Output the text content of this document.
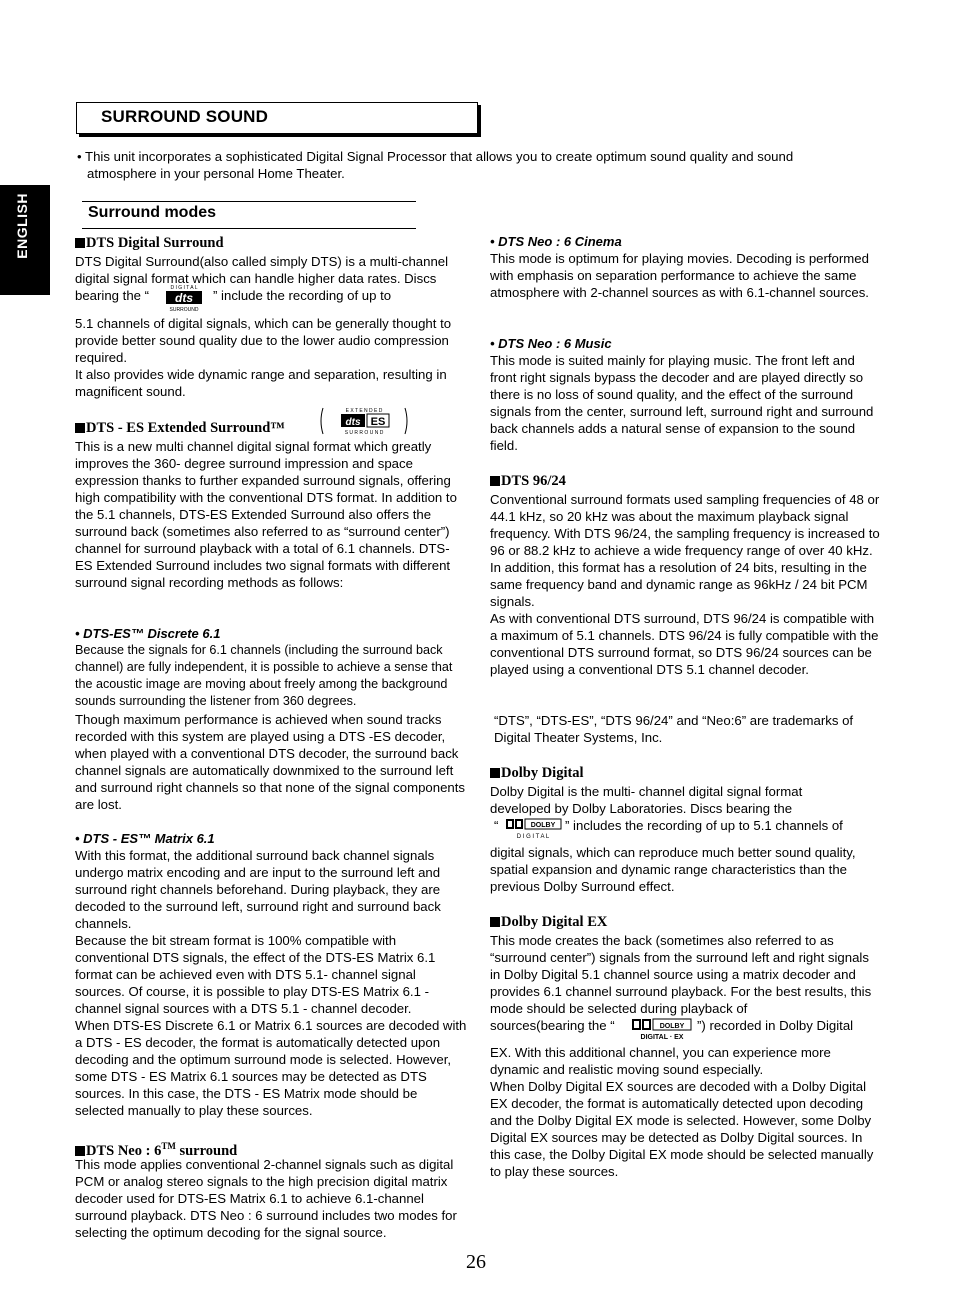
SURROUND SOUND
• This unit incorporates a sophisticated Digital Signal Processor that allows you to create optimum sound quality and sound
atmosphere in your personal Home Theater.
ENGLISH	Surround modes
DTS Digital Surround
DTS Digital Surround(also called simply DTS) is a multi-channel
digital signal format which can handle higher data rates. Discs
bearing the “	D I G I T A L
dts
SURROUND
” include the recording of up to
5.1 channels of digital signals, which can be generally thought to provide better sound quality due to the lower audio compression required.
It also provides wide dynamic range and separation, resulting in magnificent sound.
DTS - ES Extended Surround™
E X T E N D E D
dts ES
S U R R O U N D
This is a new multi channel digital signal format which greatly improves the 360- degree surround impression and space expression thanks to further expanded surround signals, offering high compatibility with the conventional DTS format. In addition to the 5.1 channels, DTS-ES Extended Surround also offers the surround back (sometimes also referred to as “surround center”) channel for surround playback with a total of 6.1 channels. DTS-ES Extended Surround includes two signal formats with different surround signal recording methods as follows:
• DTS-ES™ Discrete 6.1
Because the signals for 6.1 channels (including the surround back channel) are fully independent, it is possible to achieve a sense that the acoustic image are moving about freely among the background sounds surrounding the listener from 360 degrees.
Though maximum performance is achieved when sound tracks recorded with this system are played using a DTS -ES decoder, when played with a conventional DTS decoder, the surround back channel signals are automatically downmixed to the surround left and surround right channels so that none of the signal components are lost.
• DTS - ES™ Matrix 6.1
With this format, the additional surround back channel signals undergo matrix encoding and are input to the surround left and surround right channels beforehand. During playback, they are decoded to the surround left, surround right and surround back channels.
Because the bit stream format is 100% compatible with conventional DTS signals, the effect of the DTS-ES Matrix 6.1 format can be achieved even with DTS 5.1- channel signal sources. Of course, it is possible to play DTS-ES Matrix 6.1 - channel signal sources with a DTS 5.1 - channel decoder.
When DTS-ES Discrete 6.1 or Matrix 6.1 sources are decoded with a DTS - ES decoder, the format is automatically detected upon decoding and the optimum surround mode is selected. However, some DTS - ES Matrix 6.1 sources may be detected as DTS sources. In this case, the DTS - ES Matrix mode should be selected manually to play these sources.
DTS Neo : 6™ surround
This mode applies conventional 2-channel signals such as digital PCM or analog stereo signals to the high precision digital matrix decoder used for DTS-ES Matrix 6.1 to achieve 6.1-channel surround playback. DTS Neo : 6 surround includes two modes for selecting the optimum decoding for the signal source.
• DTS Neo : 6 Cinema
This mode is optimum for playing movies. Decoding is performed with emphasis on separation performance to achieve the same atmosphere with 2-channel sources as with 6.1-channel sources.
• DTS Neo : 6 Music
This mode is suited mainly for playing music. The front left and front right signals bypass the decoder and are played directly so there is no loss of sound quality, and the effect of the surround signals from the center, surround left, surround right and surround back channels adds a natural sense of expansion to the sound field.
DTS 96/24
Conventional surround formats used sampling frequencies of 48 or 44.1 kHz, so 20 kHz was about the maximum playback signal frequency. With DTS 96/24, the sampling frequency is increased to 96 or 88.2 kHz to achieve a wide frequency range of over 40 kHz. In addition, this format has a resolution of 24 bits, resulting in the same frequency band and dynamic range as 96kHz / 24 bit PCM signals.
As with conventional DTS surround, DTS 96/24 is compatible with a maximum of 5.1 channels. DTS 96/24 is fully compatible with the conventional DTS surround format, so DTS 96/24 sources can be played using a conventional DTS 5.1 channel decoder.
“DTS”, “DTS-ES”, “DTS 96/24” and “Neo:6” are trademarks of Digital Theater Systems, Inc.
Dolby Digital
Dolby Digital is the multi- channel digital signal format
developed by Dolby Laboratories. Discs bearing the
“	DOLBY
D I G I T A L
” includes the recording of up to 5.1 channels of
digital signals, which can reproduce much better sound quality, spatial expansion and dynamic range characteristics than the previous Dolby Surround effect.
Dolby Digital EX
This mode creates the back (sometimes also referred to as “surround center”) signals from the surround left and right signals in Dolby Digital 5.1 channel source using a matrix decoder and provides 6.1 channel surround playback. For the best results, this mode should be selected during playback of
sources(bearing the “	DOLBY
DIGITAL · EX
”) recorded in Dolby Digital
EX. With this additional channel, you can experience more dynamic and realistic moving sound especially.
When Dolby Digital EX sources are decoded with a Dolby Digital EX decoder, the format is automatically detected upon decoding and the Dolby Digital EX mode is selected. However, some Dolby Digital EX sources may be detected as Dolby Digital sources. In this case, the Dolby Digital EX mode should be selected manually to play these sources.
26
